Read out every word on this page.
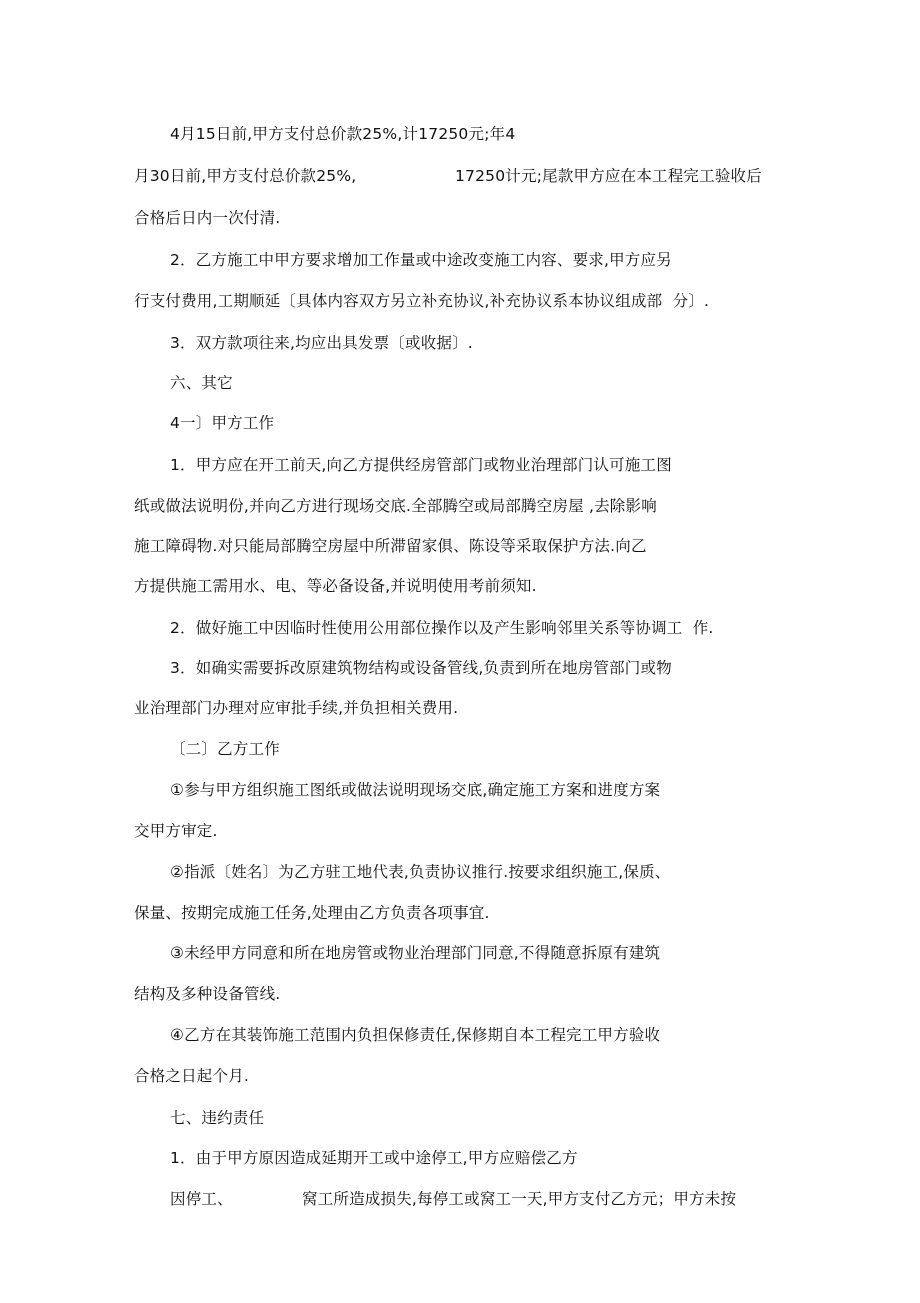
4月15日前,甲方支付总价款25%,计17250元;年4
月30日前,甲方支付总价款25%,	17250计元;尾款甲方应在本工程完工验收后
合格后日内一次付清.
2．乙方施工中甲方要求增加工作量或中途改变施工内容、要求,甲方应另
行支付费用,工期顺延〔具体内容双方另立补充协议,补充协议系本协议组成部  分〕.
3．双方款项往来,均应出具发票〔或收据〕.
六、其它
4一〕甲方工作
1．甲方应在开工前天,向乙方提供经房管部门或物业治理部门认可施工图
纸或做法说明份,并向乙方进行现场交底.全部腾空或局部腾空房屋 ,去除影响
施工障碍物.对只能局部腾空房屋中所滞留家俱、陈设等采取保护方法.向乙
方提供施工需用水、电、等必备设备,并说明使用考前须知.
2．做好施工中因临时性使用公用部位操作以及产生影响邻里关系等协调工  作.
3．如确实需要拆改原建筑物结构或设备管线,负责到所在地房管部门或物
业治理部门办理对应审批手续,并负担相关费用.
〔二〕乙方工作
①参与甲方组织施工图纸或做法说明现场交底,确定施工方案和进度方案
交甲方审定.
②指派〔姓名〕为乙方驻工地代表,负责协议推行.按要求组织施工,保质、
保量、按期完成施工任务,处理由乙方负责各项事宜.
③未经甲方同意和所在地房管或物业治理部门同意,不得随意拆原有建筑
结构及多种设备管线.
④乙方在其装饰施工范围内负担保修责任,保修期自本工程完工甲方验收
合格之日起个月.
七、违约责任
1．由于甲方原因造成延期开工或中途停工,甲方应赔偿乙方
因停工、	窝工所造成损失,每停工或窝工一天,甲方支付乙方元；甲方未按
